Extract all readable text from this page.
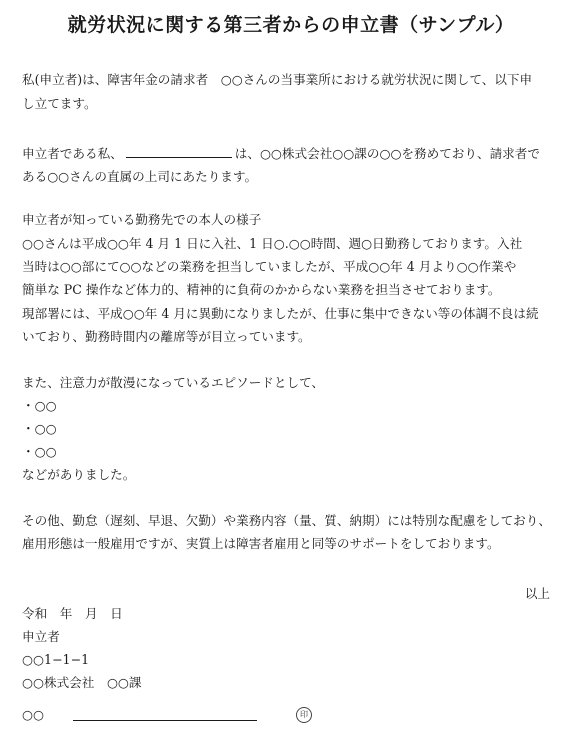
就労状況に関する第三者からの申立書（サンプル）
私(申立者)は、障害年金の請求者　○○さんの当事業所における就労状況に関して、以下申
し立てます。
申立者である私、	は、○○株式会社○○課の○○を務めており、請求者で
ある○○さんの直属の上司にあたります。
申立者が知っている勤務先での本人の様子
○○さんは平成○○年 4 月 1 日に入社、1 日○.○○時間、週○日勤務しております。入社
当時は○○部にて○○などの業務を担当していましたが、平成○○年 4 月より○○作業や
簡単な PC 操作など体力的、精神的に負荷のかからない業務を担当させております。
現部署には、平成○○年 4 月に異動になりましたが、仕事に集中できない等の体調不良は続
いており、勤務時間内の離席等が目立っています。
また、注意力が散漫になっているエピソードとして、
・○○
・○○
・○○
などがありました。
その他、勤怠（遅刻、早退、欠勤）や業務内容（量、質、納期）には特別な配慮をしており、
雇用形態は一般雇用ですが、実質上は障害者雇用と同等のサポートをしております。
以上
令和　年　月　日
申立者
○○1−1−1
○○株式会社　○○課
○○	印
